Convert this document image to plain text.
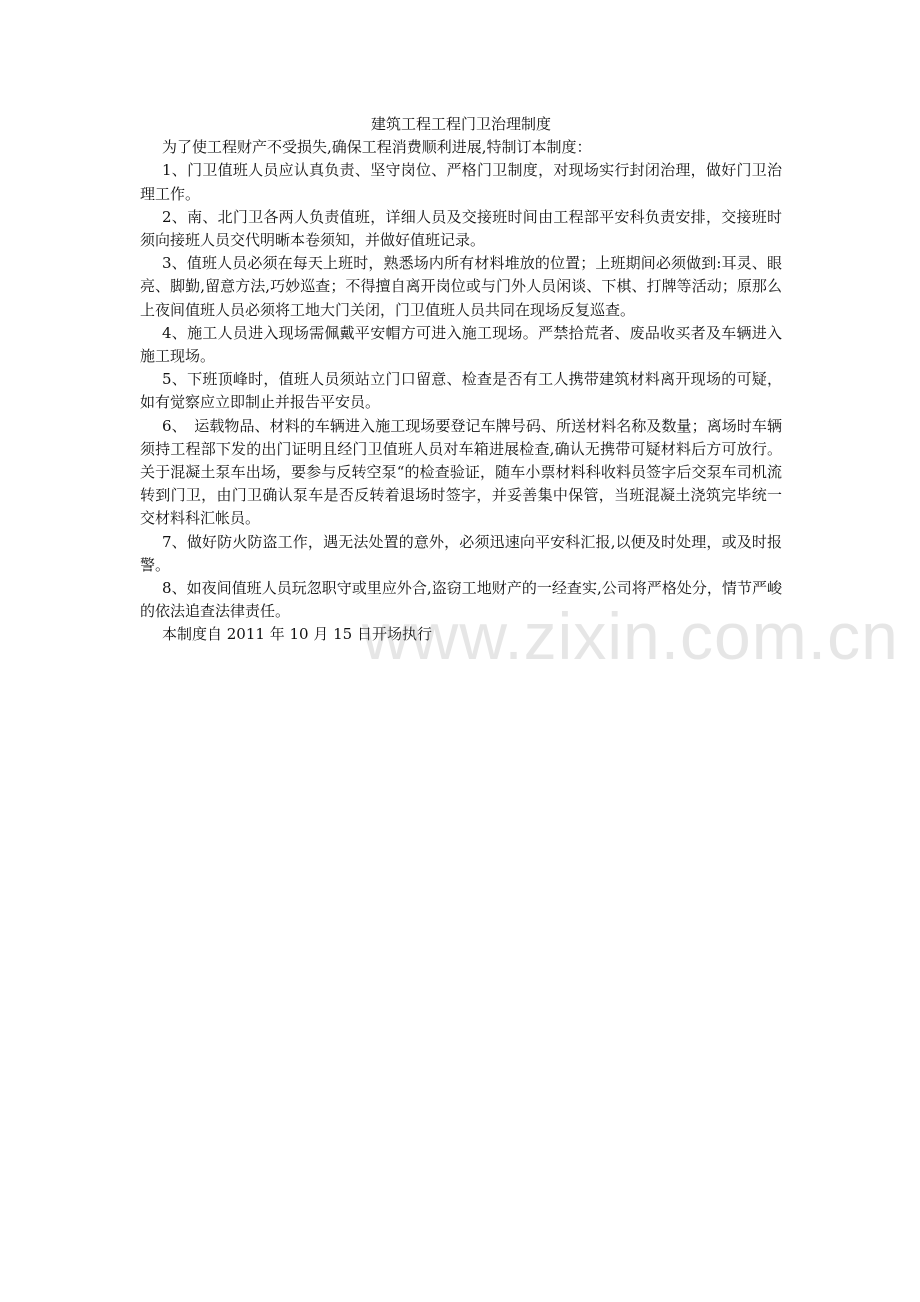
建筑工程工程门卫治理制度

为了使工程财产不受损失,确保工程消费顺利进展,特制订本制度：

1、门卫值班人员应认真负责、坚守岗位、严格门卫制度，对现场实行封闭治理，做好门卫治理工作。

2、南、北门卫各两人负责值班，详细人员及交接班时间由工程部平安科负责安排，交接班时须向接班人员交代明晰本卷须知，并做好值班记录。

3、值班人员必须在每天上班时，熟悉场内所有材料堆放的位置；上班期间必须做到:耳灵、眼亮、脚勤,留意方法,巧妙巡查；不得擅自离开岗位或与门外人员闲谈、下棋、打牌等活动；原那么上夜间值班人员必须将工地大门关闭，门卫值班人员共同在现场反复巡查。

4、施工人员进入现场需佩戴平安帽方可进入施工现场。严禁拾荒者、废品收买者及车辆进入施工现场。

5、下班顶峰时，值班人员须站立门口留意、检查是否有工人携带建筑材料离开现场的可疑，如有觉察应立即制止并报告平安员。

6、　运载物品、材料的车辆进入施工现场要登记车牌号码、所送材料名称及数量；离场时车辆须持工程部下发的出门证明且经门卫值班人员对车箱进展检查,确认无携带可疑材料后方可放行。关于混凝土泵车出场，要参与反转空泵“的检查验证，随车小票材料科收料员签字后交泵车司机流转到门卫，由门卫确认泵车是否反转着退场时签字，并妥善集中保管，当班混凝土浇筑完毕统一交材料科汇帐员。

7、做好防火防盗工作，遇无法处置的意外，必须迅速向平安科汇报,以便及时处理，或及时报警。

8、如夜间值班人员玩忽职守或里应外合,盗窃工地财产的一经查实,公司将严格处分，情节严峻的依法追查法律责任。

本制度自 2011 年 10 月 15 日开场执行

www.zixin.com.cn
